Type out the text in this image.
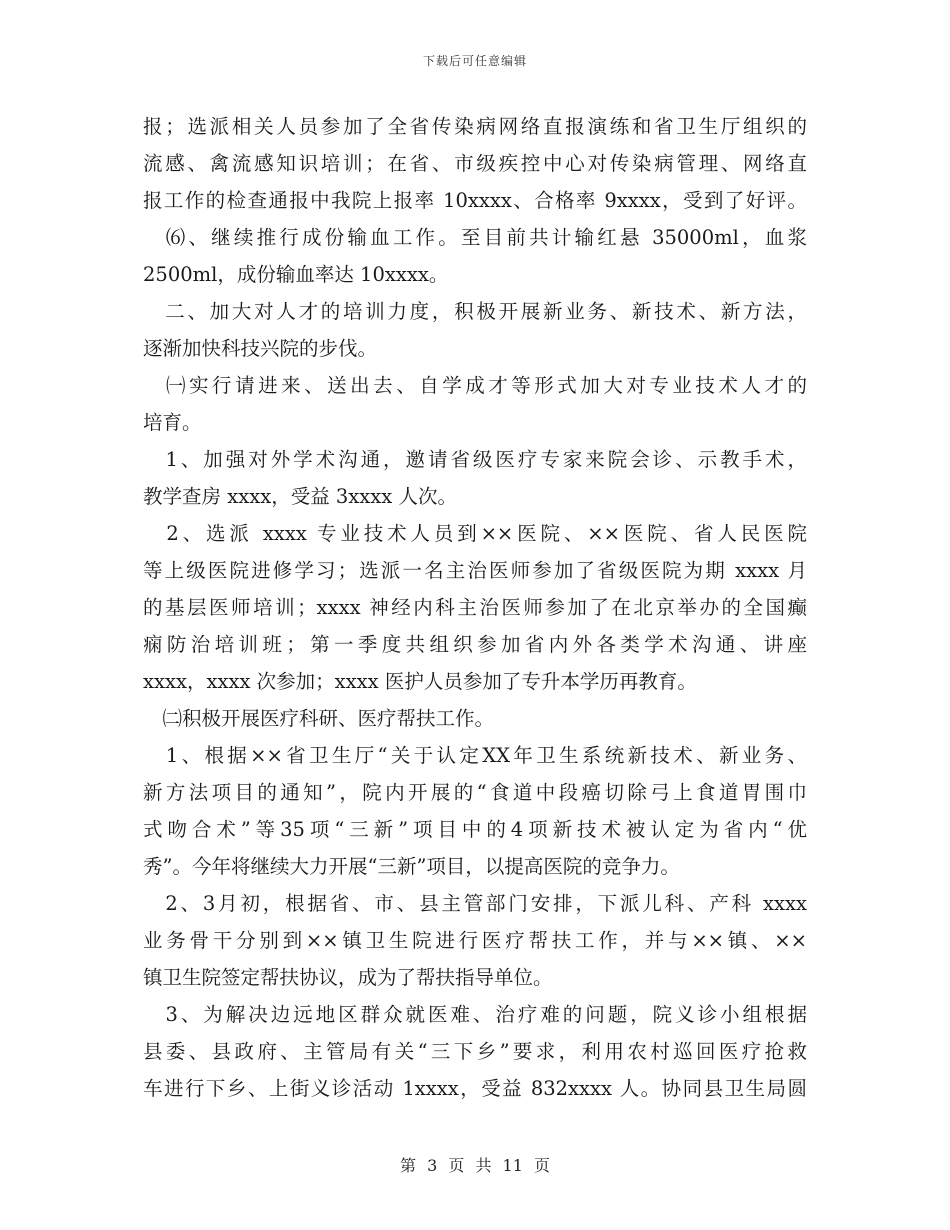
下载后可任意编辑
报；选派相关人员参加了全省传染病网络直报演练和省卫生厅组织的
流感、禽流感知识培训；在省、市级疾控中心对传染病管理、网络直
报工作的检查通报中我院上报率 10xxxx、合格率 9xxxx，受到了好评。
　⑹、继续推行成份输血工作。至目前共计输红悬 35000ml，血浆
2500ml，成份输血率达 10xxxx。
　二、加大对人才的培训力度，积极开展新业务、新技术、新方法，
逐渐加快科技兴院的步伐。
　㈠实行请进来、送出去、自学成才等形式加大对专业技术人才的
培育。
　1、加强对外学术沟通，邀请省级医疗专家来院会诊、示教手术，
教学查房 xxxx，受益 3xxxx 人次。
　2、选派 xxxx 专业技术人员到××医院、××医院、省人民医院
等上级医院进修学习；选派一名主治医师参加了省级医院为期 xxxx 月
的基层医师培训；xxxx 神经内科主治医师参加了在北京举办的全国癫
痫防治培训班；第一季度共组织参加省内外各类学术沟通、讲座
xxxx，xxxx 次参加；xxxx 医护人员参加了专升本学历再教育。
　㈡积极开展医疗科研、医疗帮扶工作。
　1、根据××省卫生厅“关于认定XX年卫生系统新技术、新业务、
新方法项目的通知”，院内开展的“食道中段癌切除弓上食道胃围巾
式吻合术”等35项“三新”项目中的4项新技术被认定为省内“优
秀”。今年将继续大力开展“三新”项目，以提高医院的竞争力。
　2、3月初，根据省、市、县主管部门安排，下派儿科、产科 xxxx
业务骨干分别到××镇卫生院进行医疗帮扶工作，并与××镇、××
镇卫生院签定帮扶协议，成为了帮扶指导单位。
　3、为解决边远地区群众就医难、治疗难的问题，院义诊小组根据
县委、县政府、主管局有关“三下乡”要求，利用农村巡回医疗抢救
车进行下乡、上街义诊活动 1xxxx，受益 832xxxx 人。协同县卫生局圆
第 3 页 共 11 页
